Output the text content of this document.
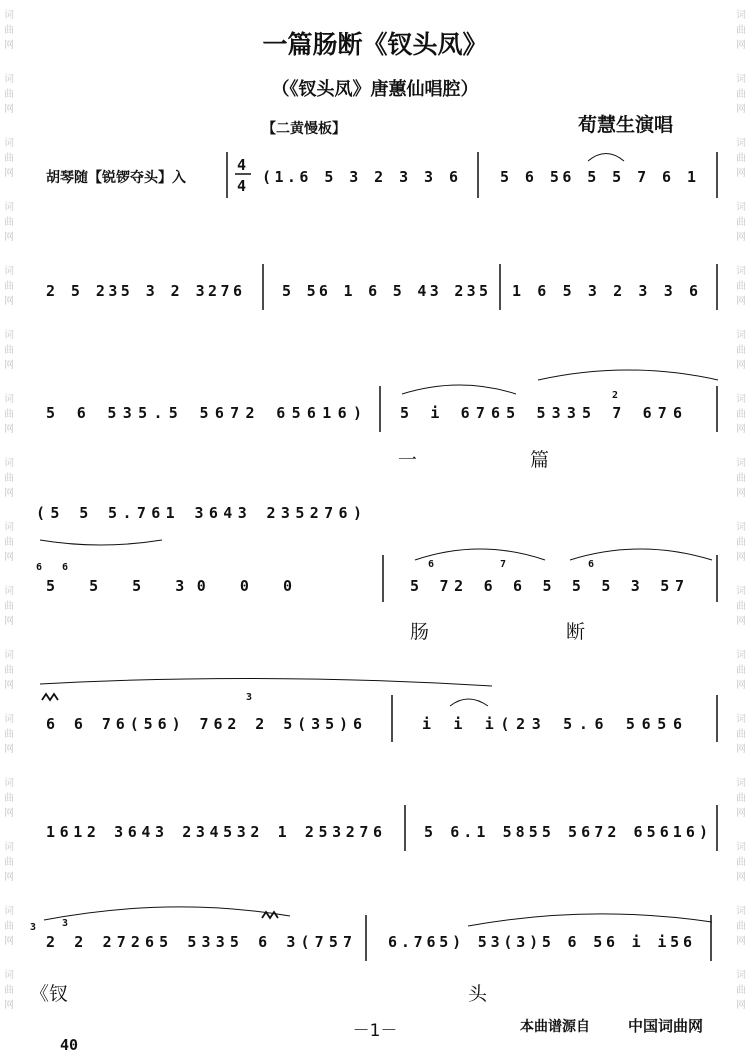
一篇肠断《钗头凤》
（《钗头凤》唐蕙仙唱腔）
【二黄慢板】	荀慧生演唱
胡琴随【锐锣夺头】入
4
4 (1.6 5 3 2 3 3 6	5 6 56 5 5 7 6 1
2 5 235 3 2 3276	5 56 1 6 5 43 235 1 6 5 3 2 3 3 6
5 6 535.5 5672 65616)	5 i 6765 5335 7 676
2
一	篇
(5 5 5.761 3643 235276)
5 5 5 30 0 0	5 72 6 6 5 5 5 3 57
6 6	6	7	6
肠	断
6 6 76(56) 762 2 5(35)6	i i i(23 5.6 5656
3
1612 3643 234532 1 253276	5 6.1 5855 5672 65616)
2 2 27265 5335 6 3(757 6.765) 53(3)5 6 56 i i56
3	3
《钗	头
40
－1－	本曲谱源自	中国词曲网
词
曲
网
词
曲
网
词
曲
网
词
曲
网
词
曲
网
词
曲
网
词
曲
网
词
曲
网
词
曲
网
词
曲
网
词
曲
网
词
曲
网
词
曲
网
词
曲
网
词
曲
网
词
曲
网
词
曲
网
词
曲
网
词
曲
网
词
曲
网
词
曲
网
词
曲
网
词
曲
网
词
曲
网
词
曲
网
词
曲
网
词
曲
网
词
曲
网
词
曲
网
词
曲
网
词
曲
网
词
曲
网
